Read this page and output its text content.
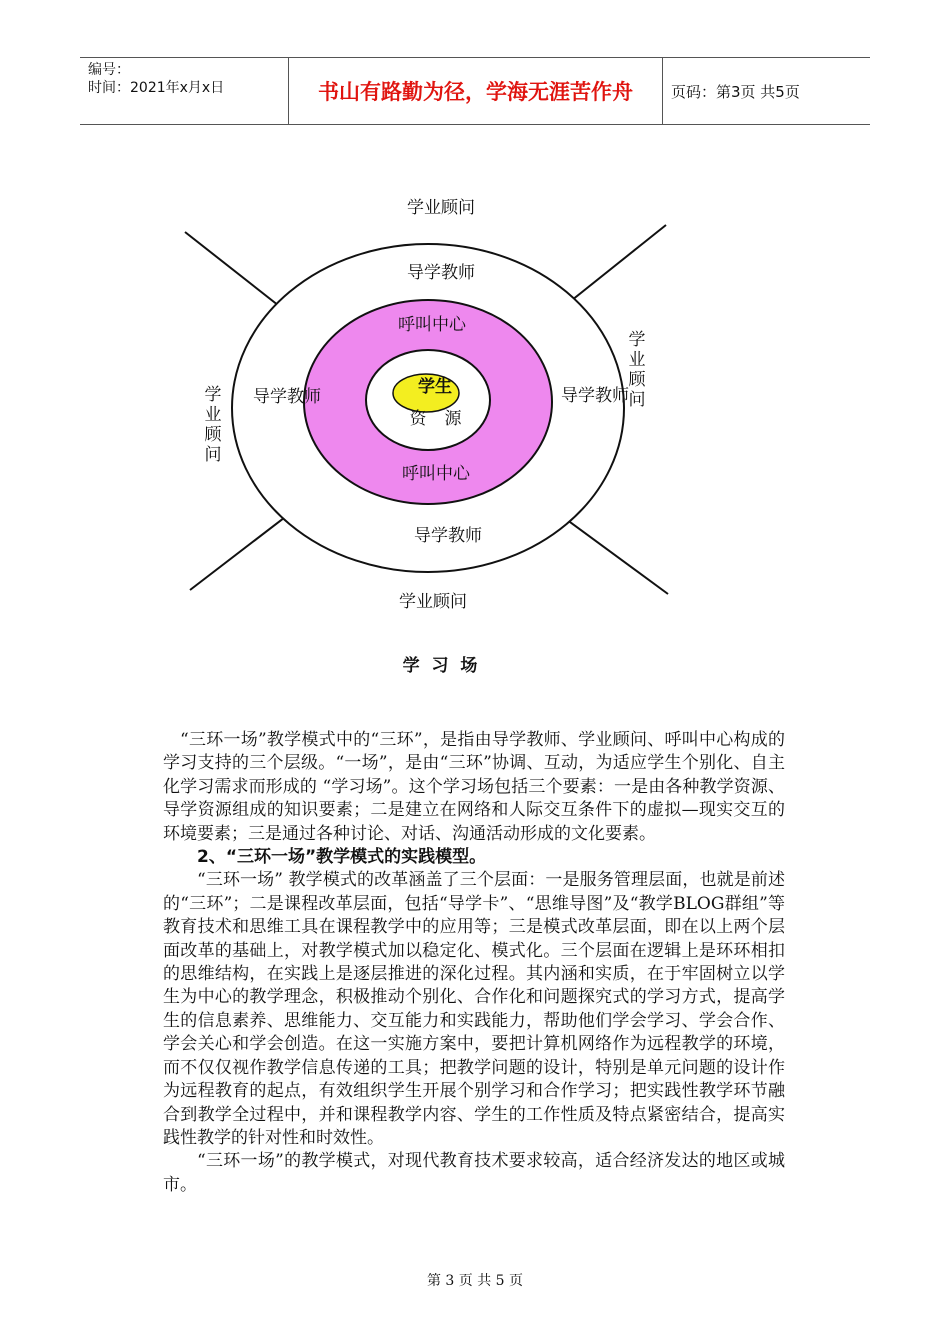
编号：
时间：2021年x月x日	书山有路勤为径，学海无涯苦作舟	页码：第3页 共5页
学业顾问
导学教师
呼叫中心
学生
资 源
呼叫中心
导学教师
学业顾问
导学教师	导学教师
学
业
顾
问
学
业
顾
问
学  习  场

“三环一场”教学模式中的“三环”，是指由导学教师、学业顾问、呼叫中心构成的学习支持的三个层级。“一场”，是由“三环”协调、互动，为适应学生个别化、自主化学习需求而形成的 “学习场”。这个学习场包括三个要素：一是由各种教学资源、导学资源组成的知识要素；二是建立在网络和人际交互条件下的虚拟—现实交互的环境要素；三是通过各种讨论、对话、沟通活动形成的文化要素。

2、“三环一场”教学模式的实践模型。

“三环一场” 教学模式的改革涵盖了三个层面：一是服务管理层面，也就是前述的“三环”；二是课程改革层面，包括“导学卡”、“思维导图”及“教学BLOG群组”等教育技术和思维工具在课程教学中的应用等；三是模式改革层面，即在以上两个层面改革的基础上，对教学模式加以稳定化、模式化。三个层面在逻辑上是环环相扣的思维结构，在实践上是逐层推进的深化过程。其内涵和实质，在于牢固树立以学生为中心的教学理念，积极推动个别化、合作化和问题探究式的学习方式，提高学生的信息素养、思维能力、交互能力和实践能力，帮助他们学会学习、学会合作、学会关心和学会创造。在这一实施方案中，要把计算机网络作为远程教学的环境，而不仅仅视作教学信息传递的工具；把教学问题的设计，特别是单元问题的设计作为远程教育的起点，有效组织学生开展个别学习和合作学习；把实践性教学环节融合到教学全过程中，并和课程教学内容、学生的工作性质及特点紧密结合，提高实践性教学的针对性和时效性。

“三环一场”的教学模式，对现代教育技术要求较高，适合经济发达的地区或城市。

第 3 页 共 5 页
